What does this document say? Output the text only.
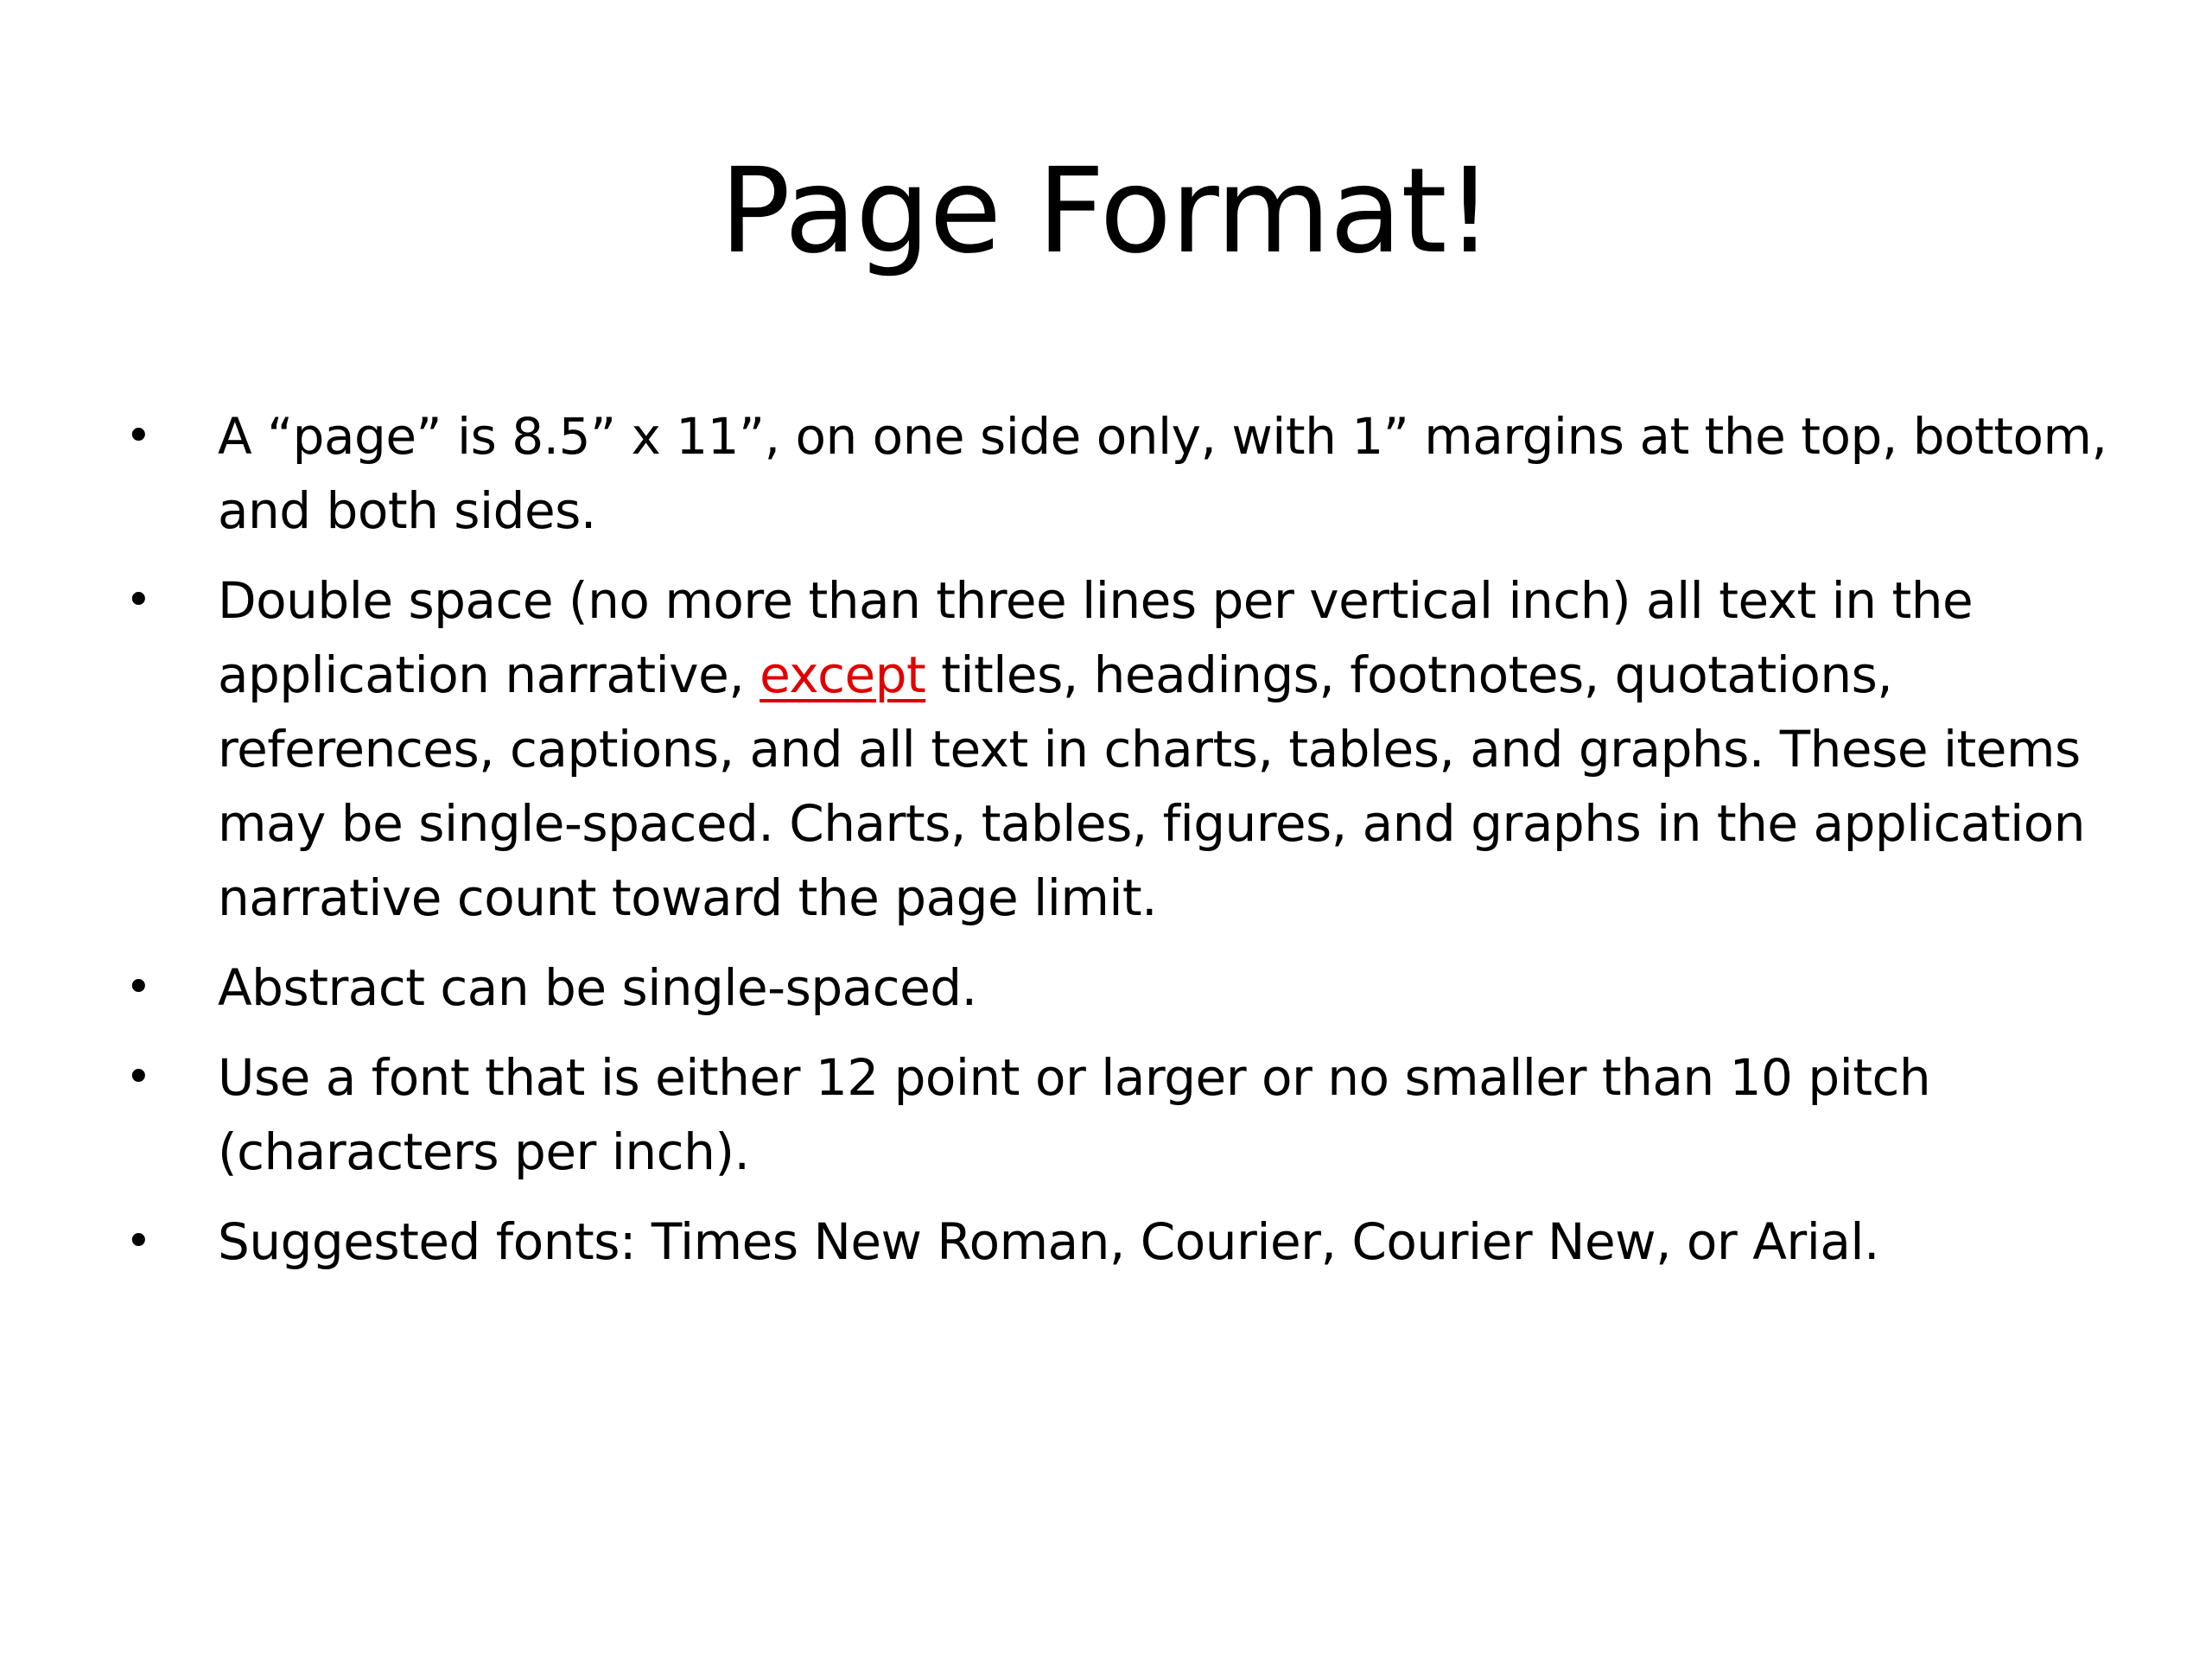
Page Format!
• A “page” is 8.5” x 11”, on one side only, with 1” margins at the top, bottom, and both sides.
• Double space (no more than three lines per vertical inch) all text in the application narrative, except titles, headings, footnotes, quotations, references, captions, and all text in charts, tables, and graphs. These items may be single-spaced. Charts, tables, figures, and graphs in the application narrative count toward the page limit.
• Abstract can be single-spaced.
• Use a font that is either 12 point or larger or no smaller than 10 pitch (characters per inch).
• Suggested fonts: Times New Roman, Courier, Courier New, or Arial.
